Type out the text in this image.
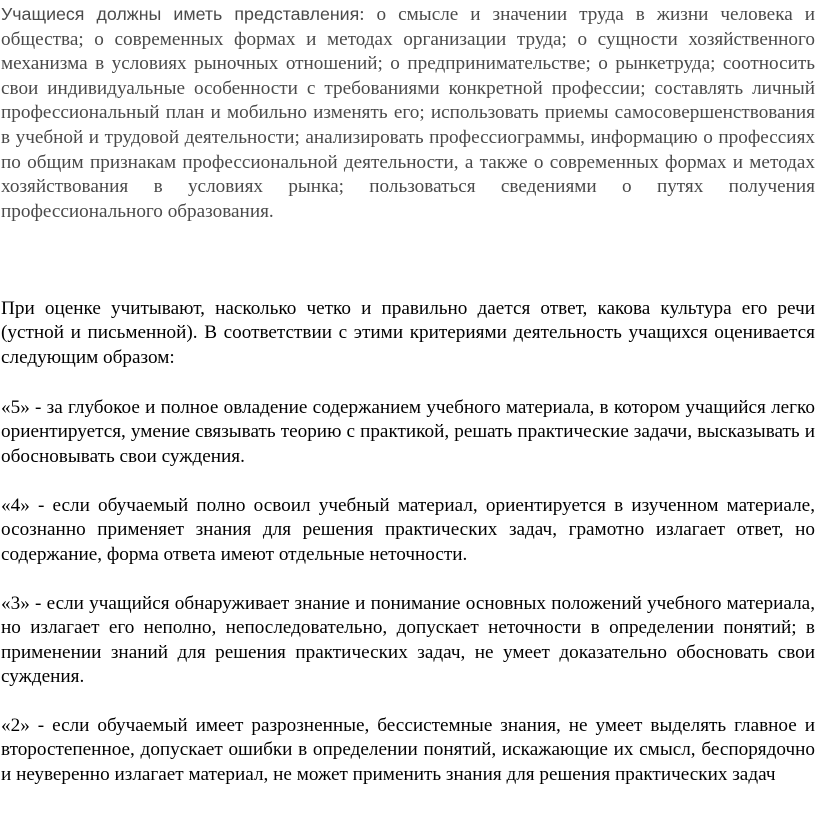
Учащиеся должны иметь представления: о смысле и значении труда в жизни человека и общества; о современных формах и методах организации труда; о сущности хозяйственного механизма в условиях рыночных отношений; о предпринимательстве; о рынкетруда; соотносить свои индивидуальные особенности с требованиями конкретной профессии; составлять личный профессиональный план и мобильно изменять его; использовать приемы самосовершенствования в учебной и трудовой деятельности; анализировать профессиограммы, информацию о профессиях по общим признакам профессиональной деятельности, а также о современных формах и методах хозяйствования в условиях рынка; пользоваться сведениями о путях получения профессионального образования.

При оценке учитывают, насколько четко и правильно дается ответ, какова культура его речи (устной и письменной). В соответствии с этими критериями деятельность учащихся оценивается следующим образом:

«5» - за глубокое и полное овладение содержанием учебного материала, в котором учащийся легко ориентируется, умение связывать теорию с практикой, решать практические задачи, высказывать и обосновывать свои суждения.

«4» - если обучаемый полно освоил учебный материал, ориентируется в изученном материале, осознанно применяет знания для решения практических задач, грамотно излагает ответ, но содержание, форма ответа имеют отдельные неточности.

«3» - если учащийся обнаруживает знание и понимание основных положений учебного материала, но излагает его неполно, непоследовательно, допускает неточности в определении понятий; в применении знаний для решения практических задач, не умеет доказательно обосновать свои суждения.

«2» - если обучаемый имеет разрозненные, бессистемные знания, не умеет выделять главное и второстепенное, допускает ошибки в определении понятий, искажающие их смысл, беспорядочно и неуверенно излагает материал, не может применить знания для решения практических задач
